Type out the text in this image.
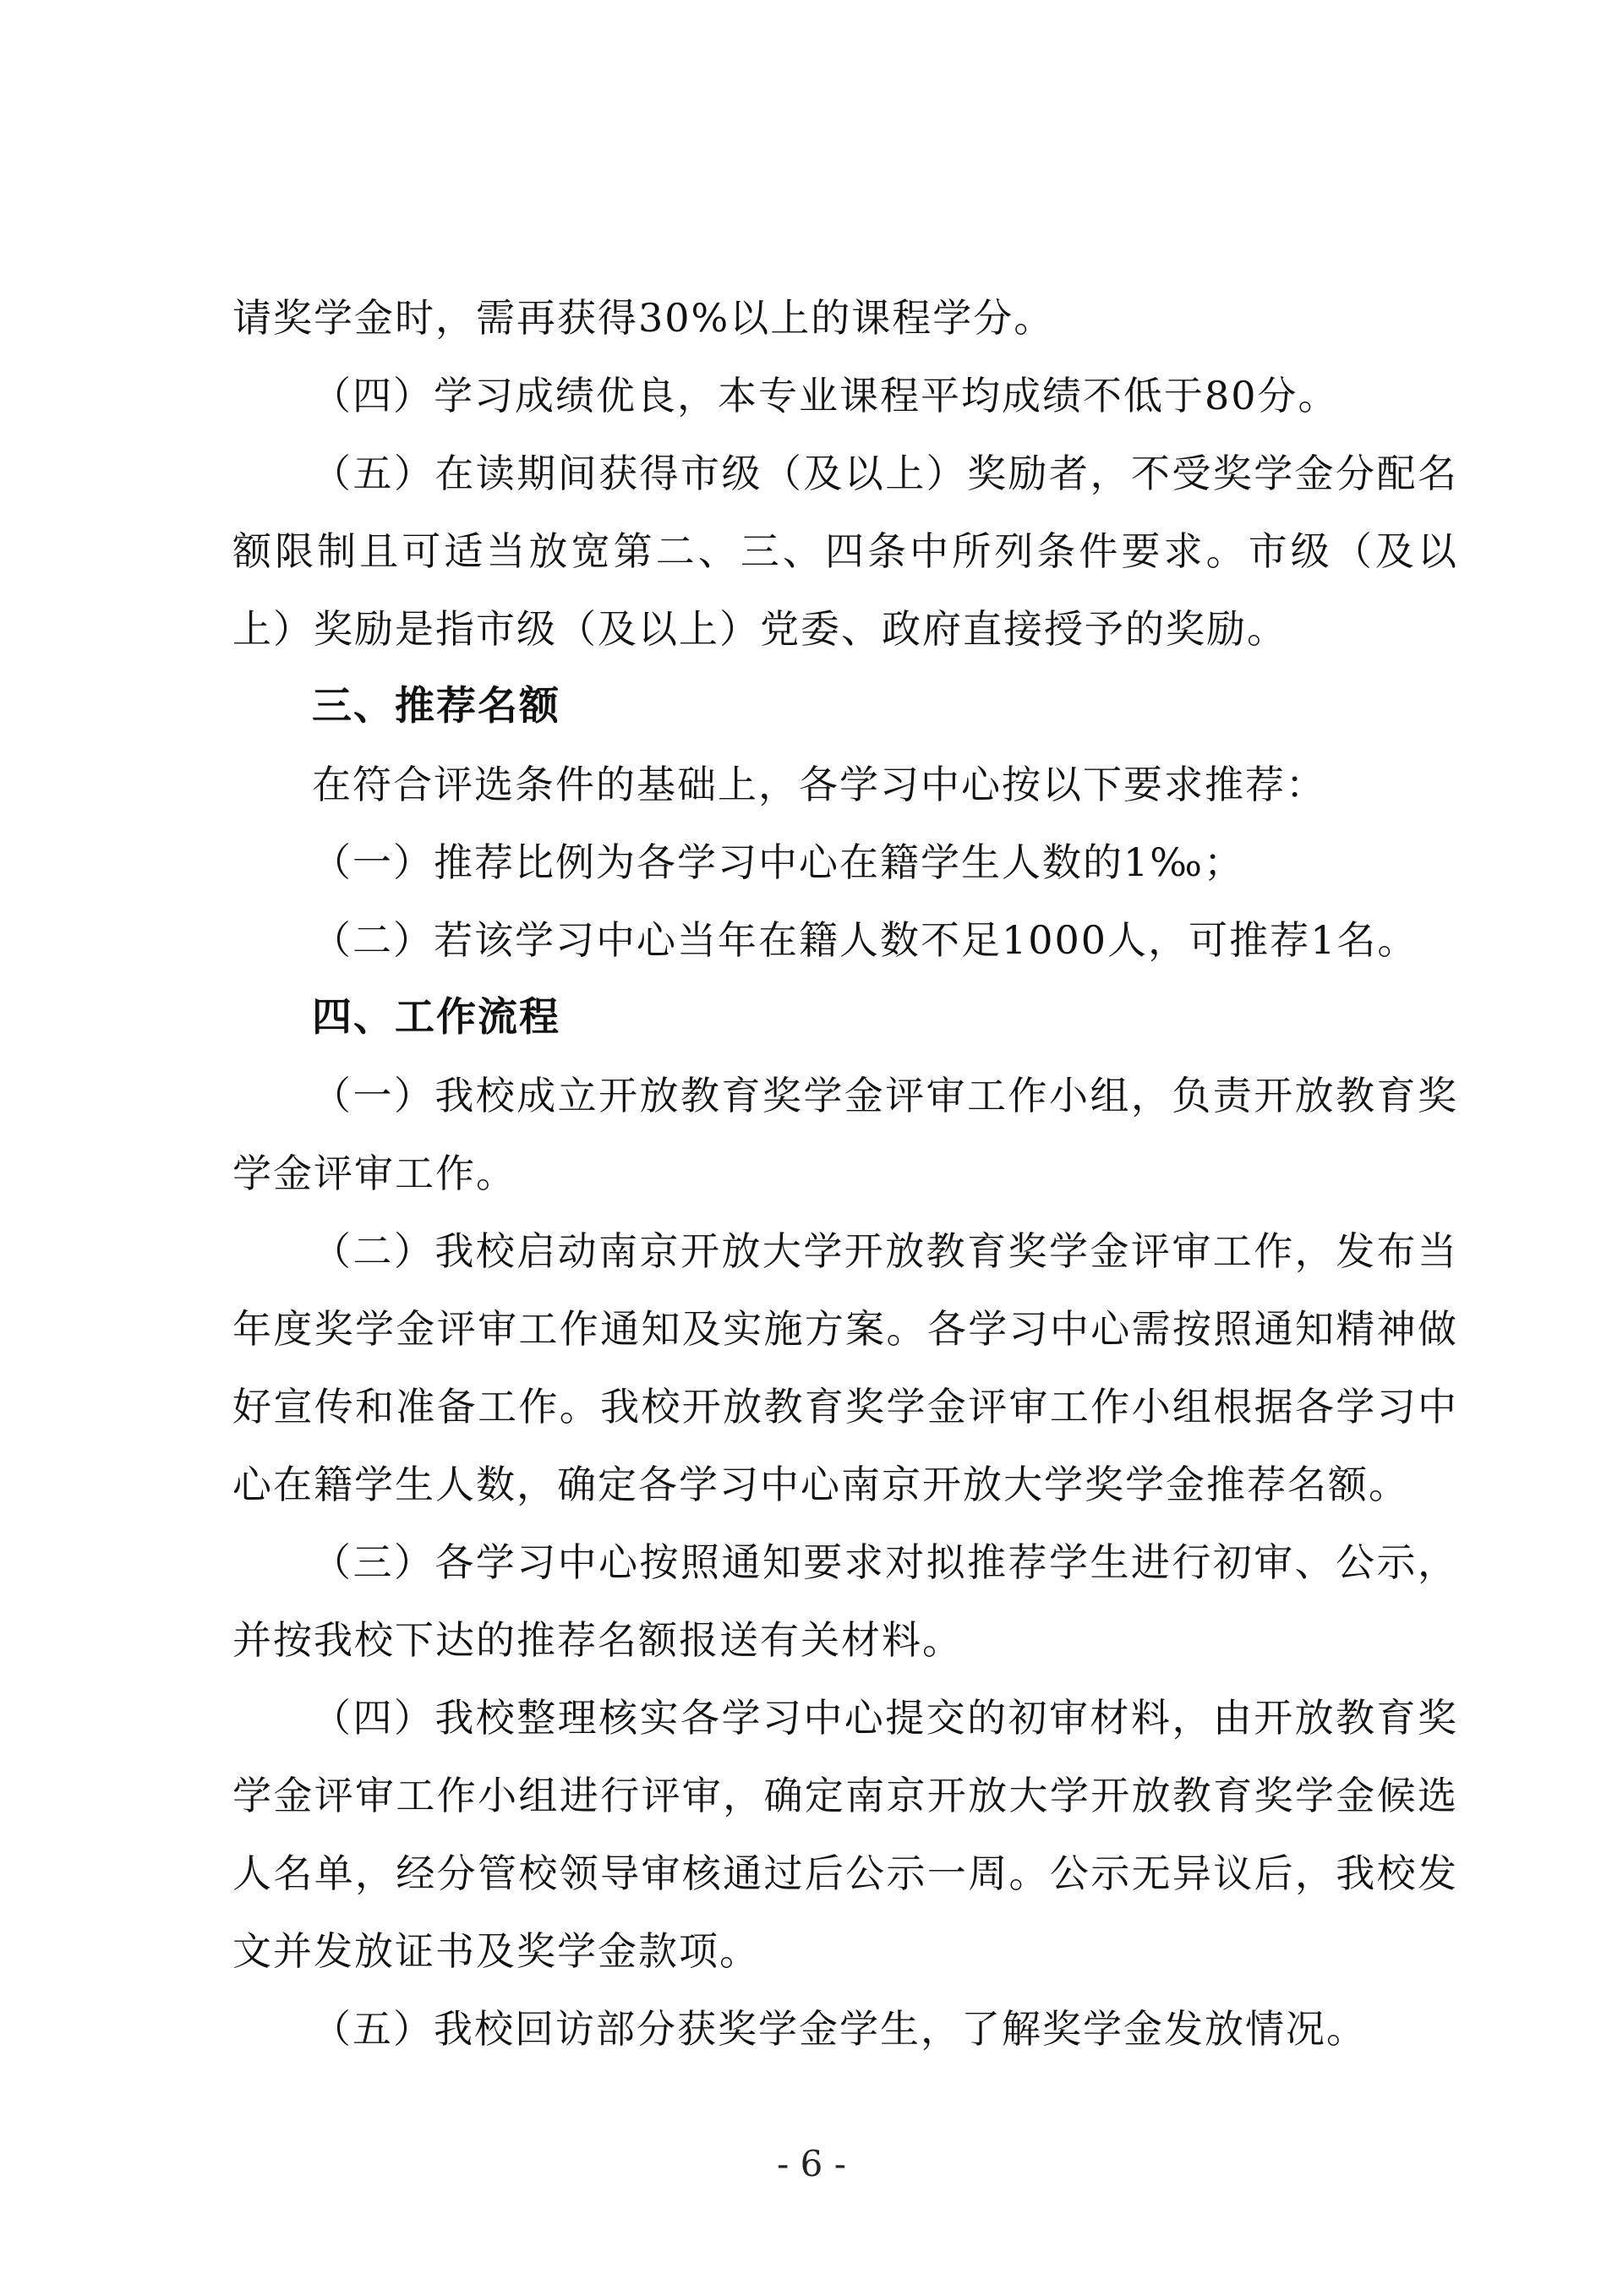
请奖学金时，需再获得30%以上的课程学分。

（四）学习成绩优良，本专业课程平均成绩不低于80分。

（五）在读期间获得市级（及以上）奖励者，不受奖学金分配名额限制且可适当放宽第二、三、四条中所列条件要求。市级（及以上）奖励是指市级（及以上）党委、政府直接授予的奖励。

三、推荐名额

在符合评选条件的基础上，各学习中心按以下要求推荐：

（一）推荐比例为各学习中心在籍学生人数的1‰；

（二）若该学习中心当年在籍人数不足1000人，可推荐1名。

四、工作流程

（一）我校成立开放教育奖学金评审工作小组，负责开放教育奖学金评审工作。

（二）我校启动南京开放大学开放教育奖学金评审工作，发布当年度奖学金评审工作通知及实施方案。各学习中心需按照通知精神做好宣传和准备工作。我校开放教育奖学金评审工作小组根据各学习中心在籍学生人数，确定各学习中心南京开放大学奖学金推荐名额。

（三）各学习中心按照通知要求对拟推荐学生进行初审、公示，并按我校下达的推荐名额报送有关材料。

（四）我校整理核实各学习中心提交的初审材料，由开放教育奖学金评审工作小组进行评审，确定南京开放大学开放教育奖学金候选人名单，经分管校领导审核通过后公示一周。公示无异议后，我校发文并发放证书及奖学金款项。

（五）我校回访部分获奖学金学生，了解奖学金发放情况。

- 6 -
